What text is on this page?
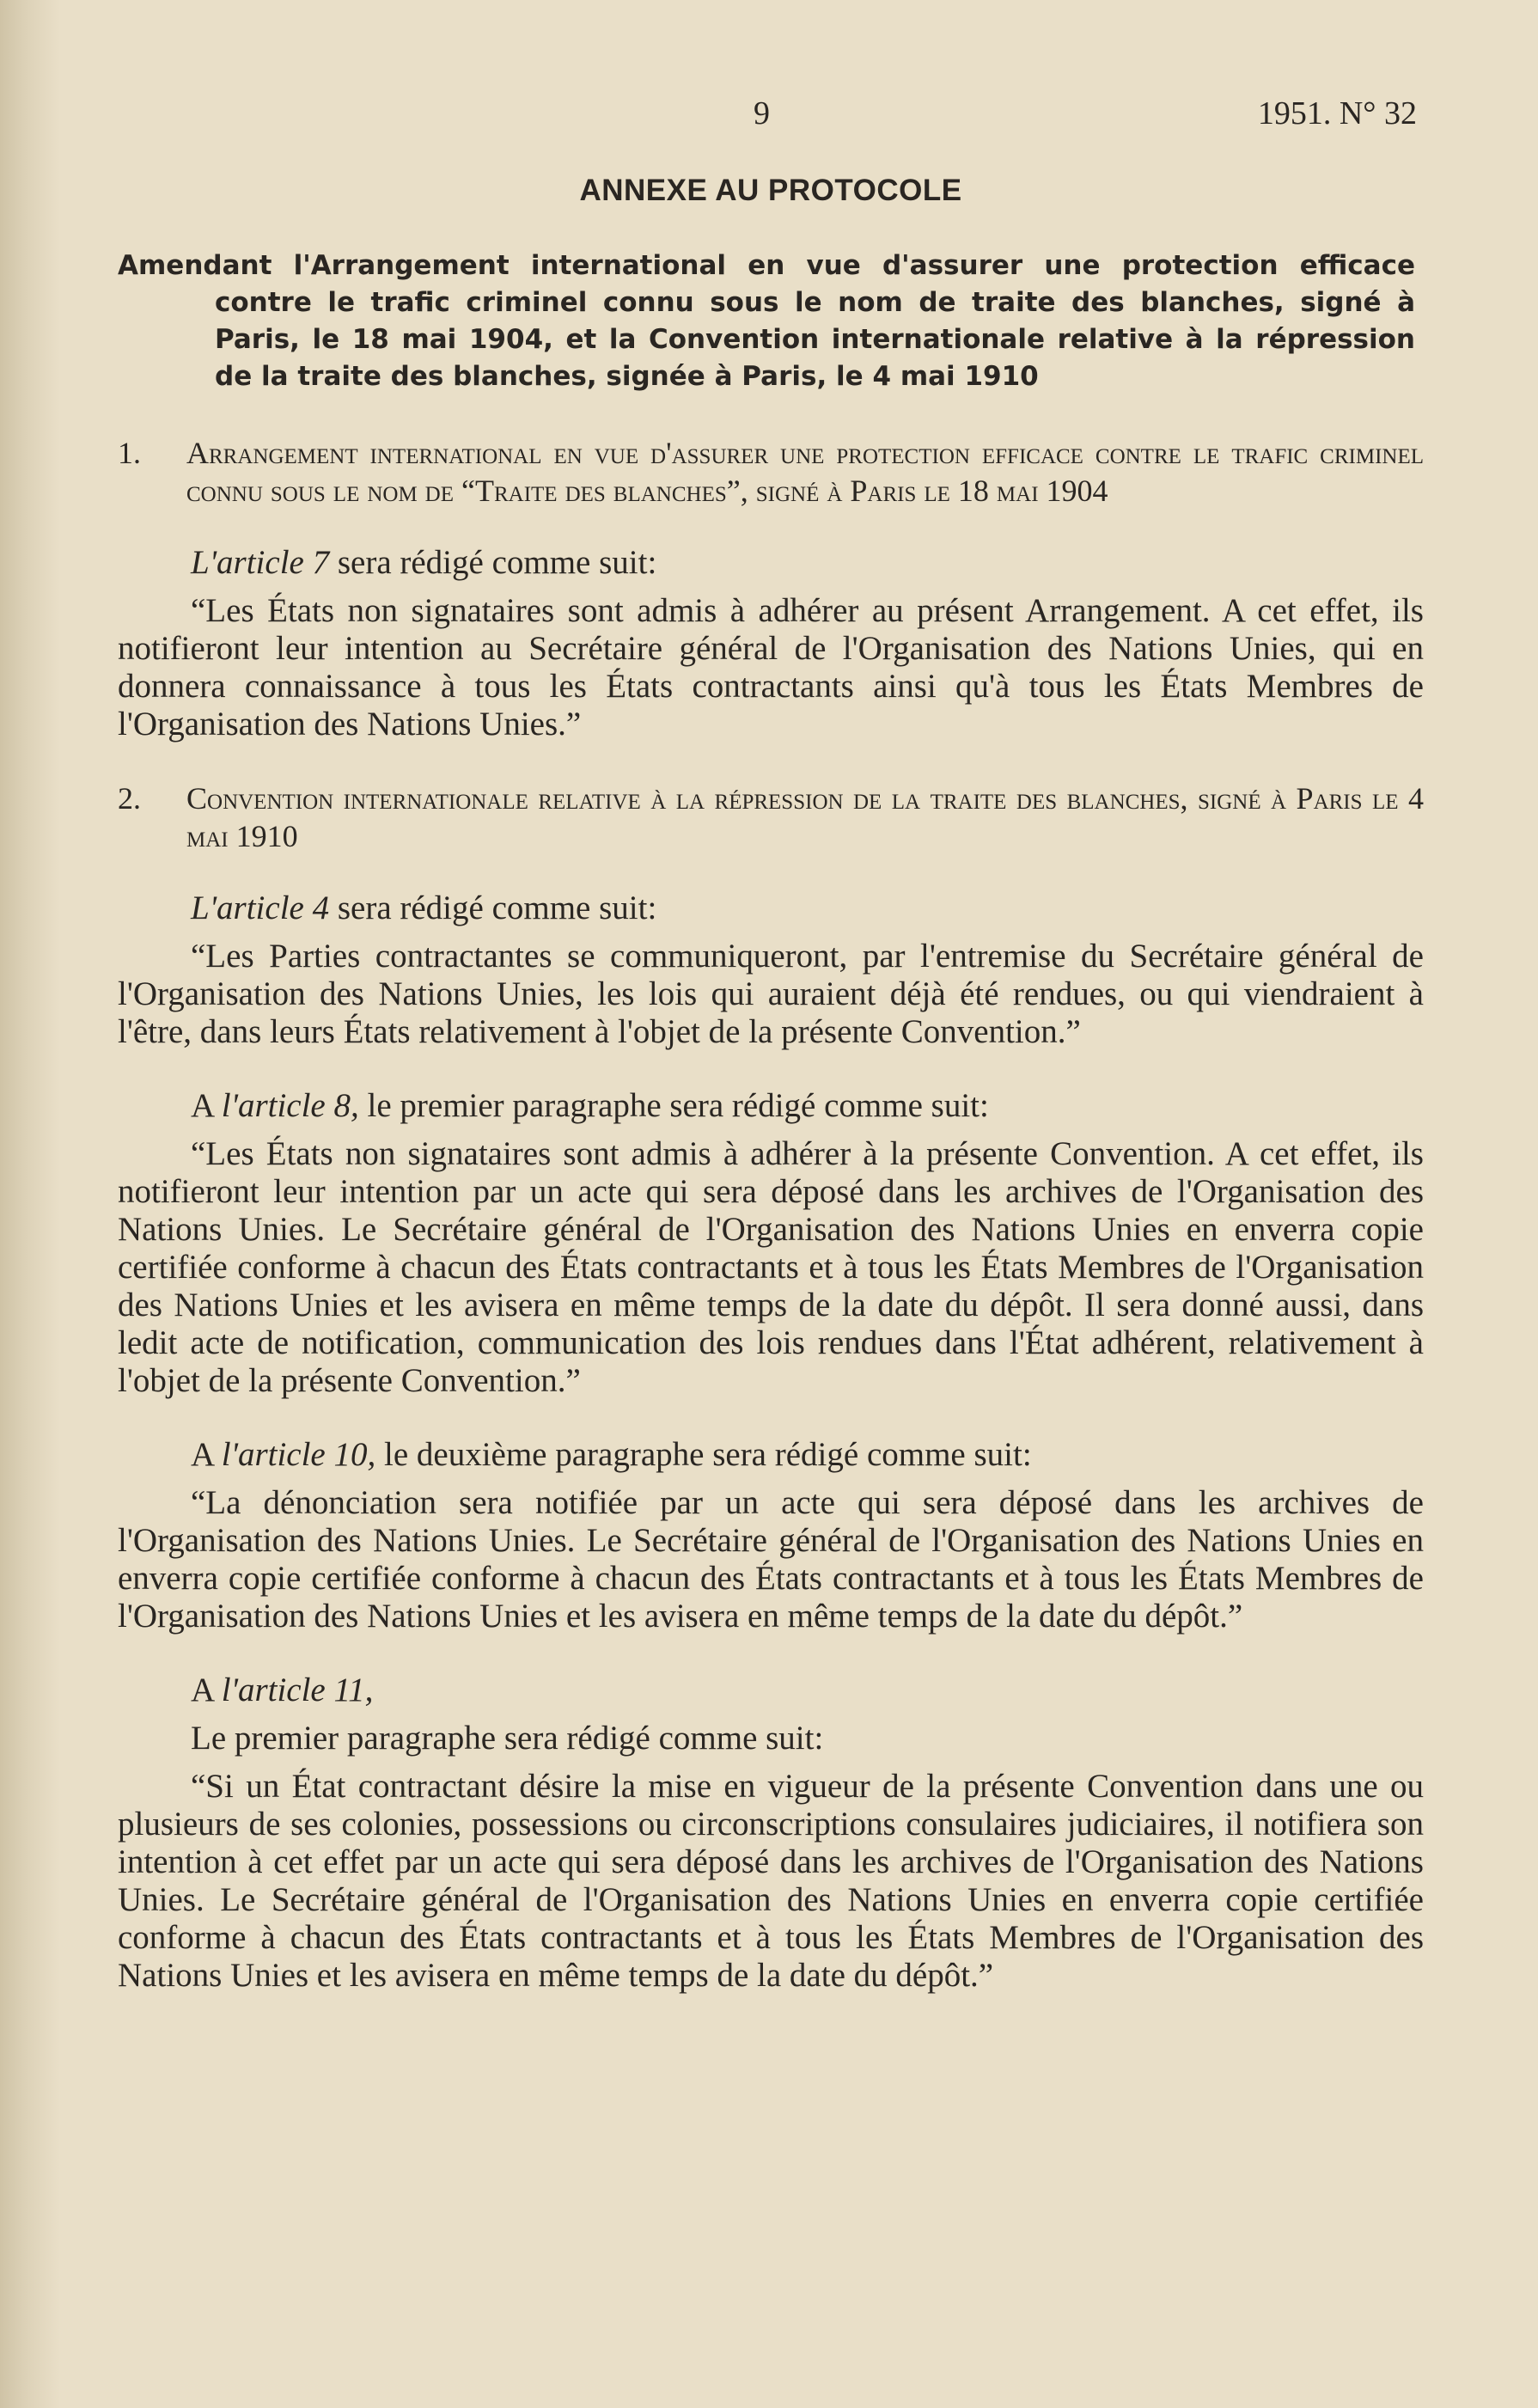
9	1951. N° 32
ANNEXE AU PROTOCOLE
Amendant l'Arrangement international en vue d'assurer une protection efficace contre le trafic criminel connu sous le nom de traite des blanches, signé à Paris, le 18 mai 1904, et la Convention internationale relative à la répression de la traite des blanches, signée à Paris, le 4 mai 1910
1. Arrangement international en vue d'assurer une protection efficace contre le trafic criminel connu sous le nom de “Traite des blanches”, signé à Paris le 18 mai 1904

L'article 7 sera rédigé comme suit:

“Les États non signataires sont admis à adhérer au présent Arrangement. A cet effet, ils notifieront leur intention au Secrétaire général de l'Organisation des Nations Unies, qui en donnera connaissance à tous les États contractants ainsi qu'à tous les États Membres de l'Organisation des Nations Unies.”

2. Convention internationale relative à la répression de la traite des blanches, signé à Paris le 4 mai 1910

L'article 4 sera rédigé comme suit:

“Les Parties contractantes se communiqueront, par l'entremise du Secrétaire général de l'Organisation des Nations Unies, les lois qui auraient déjà été rendues, ou qui viendraient à l'être, dans leurs États relativement à l'objet de la présente Convention.”

A l'article 8, le premier paragraphe sera rédigé comme suit:

“Les États non signataires sont admis à adhérer à la présente Convention. A cet effet, ils notifieront leur intention par un acte qui sera déposé dans les archives de l'Organisation des Nations Unies. Le Secrétaire général de l'Organisation des Nations Unies en enverra copie certifiée conforme à chacun des États contractants et à tous les États Membres de l'Organisation des Nations Unies et les avisera en même temps de la date du dépôt. Il sera donné aussi, dans ledit acte de notification, communication des lois rendues dans l'État adhérent, relativement à l'objet de la présente Convention.”

A l'article 10, le deuxième paragraphe sera rédigé comme suit:

“La dénonciation sera notifiée par un acte qui sera déposé dans les archives de l'Organisation des Nations Unies. Le Secrétaire général de l'Organisation des Nations Unies en enverra copie certifiée conforme à chacun des États contractants et à tous les États Membres de l'Organisation des Nations Unies et les avisera en même temps de la date du dépôt.”

A l'article 11,

Le premier paragraphe sera rédigé comme suit:

“Si un État contractant désire la mise en vigueur de la présente Convention dans une ou plusieurs de ses colonies, possessions ou circonscriptions consulaires judiciaires, il notifiera son intention à cet effet par un acte qui sera déposé dans les archives de l'Organisation des Nations Unies. Le Secrétaire général de l'Organisation des Nations Unies en enverra copie certifiée conforme à chacun des États contractants et à tous les États Membres de l'Organisation des Nations Unies et les avisera en même temps de la date du dépôt.”
